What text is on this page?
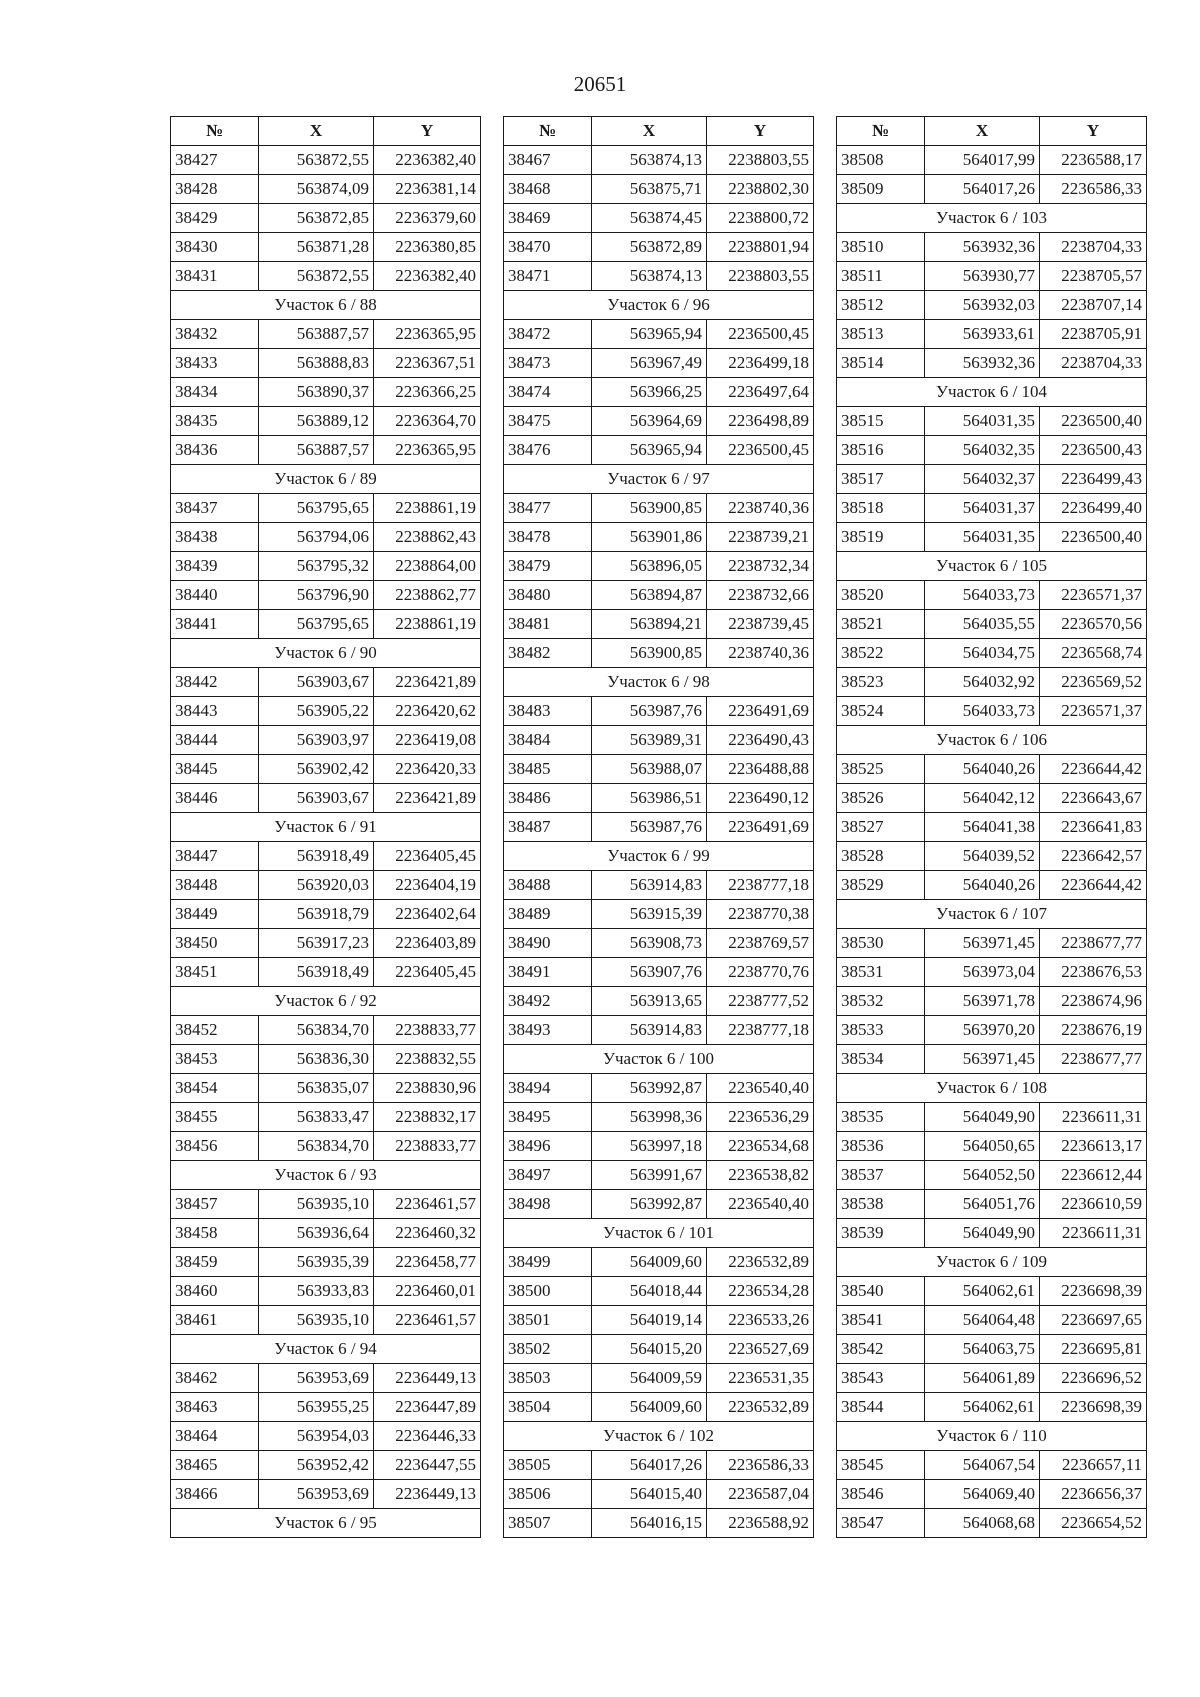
20651
№	X	Y
38427	563872,55	2236382,40
38428	563874,09	2236381,14
38429	563872,85	2236379,60
38430	563871,28	2236380,85
38431	563872,55	2236382,40
Участок 6 / 88		
38432	563887,57	2236365,95
38433	563888,83	2236367,51
38434	563890,37	2236366,25
38435	563889,12	2236364,70
38436	563887,57	2236365,95
Участок 6 / 89		
38437	563795,65	2238861,19
38438	563794,06	2238862,43
38439	563795,32	2238864,00
38440	563796,90	2238862,77
38441	563795,65	2238861,19
Участок 6 / 90		
38442	563903,67	2236421,89
38443	563905,22	2236420,62
38444	563903,97	2236419,08
38445	563902,42	2236420,33
38446	563903,67	2236421,89
Участок 6 / 91		
38447	563918,49	2236405,45
38448	563920,03	2236404,19
38449	563918,79	2236402,64
38450	563917,23	2236403,89
38451	563918,49	2236405,45
Участок 6 / 92		
38452	563834,70	2238833,77
38453	563836,30	2238832,55
38454	563835,07	2238830,96
38455	563833,47	2238832,17
38456	563834,70	2238833,77
Участок 6 / 93		
38457	563935,10	2236461,57
38458	563936,64	2236460,32
38459	563935,39	2236458,77
38460	563933,83	2236460,01
38461	563935,10	2236461,57
Участок 6 / 94		
38462	563953,69	2236449,13
38463	563955,25	2236447,89
38464	563954,03	2236446,33
38465	563952,42	2236447,55
38466	563953,69	2236449,13
Участок 6 / 95		
№	X	Y
38467	563874,13	2238803,55
38468	563875,71	2238802,30
38469	563874,45	2238800,72
38470	563872,89	2238801,94
38471	563874,13	2238803,55
Участок 6 / 96		
38472	563965,94	2236500,45
38473	563967,49	2236499,18
38474	563966,25	2236497,64
38475	563964,69	2236498,89
38476	563965,94	2236500,45
Участок 6 / 97		
38477	563900,85	2238740,36
38478	563901,86	2238739,21
38479	563896,05	2238732,34
38480	563894,87	2238732,66
38481	563894,21	2238739,45
38482	563900,85	2238740,36
Участок 6 / 98		
38483	563987,76	2236491,69
38484	563989,31	2236490,43
38485	563988,07	2236488,88
38486	563986,51	2236490,12
38487	563987,76	2236491,69
Участок 6 / 99		
38488	563914,83	2238777,18
38489	563915,39	2238770,38
38490	563908,73	2238769,57
38491	563907,76	2238770,76
38492	563913,65	2238777,52
38493	563914,83	2238777,18
Участок 6 / 100		
38494	563992,87	2236540,40
38495	563998,36	2236536,29
38496	563997,18	2236534,68
38497	563991,67	2236538,82
38498	563992,87	2236540,40
Участок 6 / 101		
38499	564009,60	2236532,89
38500	564018,44	2236534,28
38501	564019,14	2236533,26
38502	564015,20	2236527,69
38503	564009,59	2236531,35
38504	564009,60	2236532,89
Участок 6 / 102		
38505	564017,26	2236586,33
38506	564015,40	2236587,04
38507	564016,15	2236588,92
№	X	Y
38508	564017,99	2236588,17
38509	564017,26	2236586,33
Участок 6 / 103		
38510	563932,36	2238704,33
38511	563930,77	2238705,57
38512	563932,03	2238707,14
38513	563933,61	2238705,91
38514	563932,36	2238704,33
Участок 6 / 104		
38515	564031,35	2236500,40
38516	564032,35	2236500,43
38517	564032,37	2236499,43
38518	564031,37	2236499,40
38519	564031,35	2236500,40
Участок 6 / 105		
38520	564033,73	2236571,37
38521	564035,55	2236570,56
38522	564034,75	2236568,74
38523	564032,92	2236569,52
38524	564033,73	2236571,37
Участок 6 / 106		
38525	564040,26	2236644,42
38526	564042,12	2236643,67
38527	564041,38	2236641,83
38528	564039,52	2236642,57
38529	564040,26	2236644,42
Участок 6 / 107		
38530	563971,45	2238677,77
38531	563973,04	2238676,53
38532	563971,78	2238674,96
38533	563970,20	2238676,19
38534	563971,45	2238677,77
Участок 6 / 108		
38535	564049,90	2236611,31
38536	564050,65	2236613,17
38537	564052,50	2236612,44
38538	564051,76	2236610,59
38539	564049,90	2236611,31
Участок 6 / 109		
38540	564062,61	2236698,39
38541	564064,48	2236697,65
38542	564063,75	2236695,81
38543	564061,89	2236696,52
38544	564062,61	2236698,39
Участок 6 / 110		
38545	564067,54	2236657,11
38546	564069,40	2236656,37
38547	564068,68	2236654,52
